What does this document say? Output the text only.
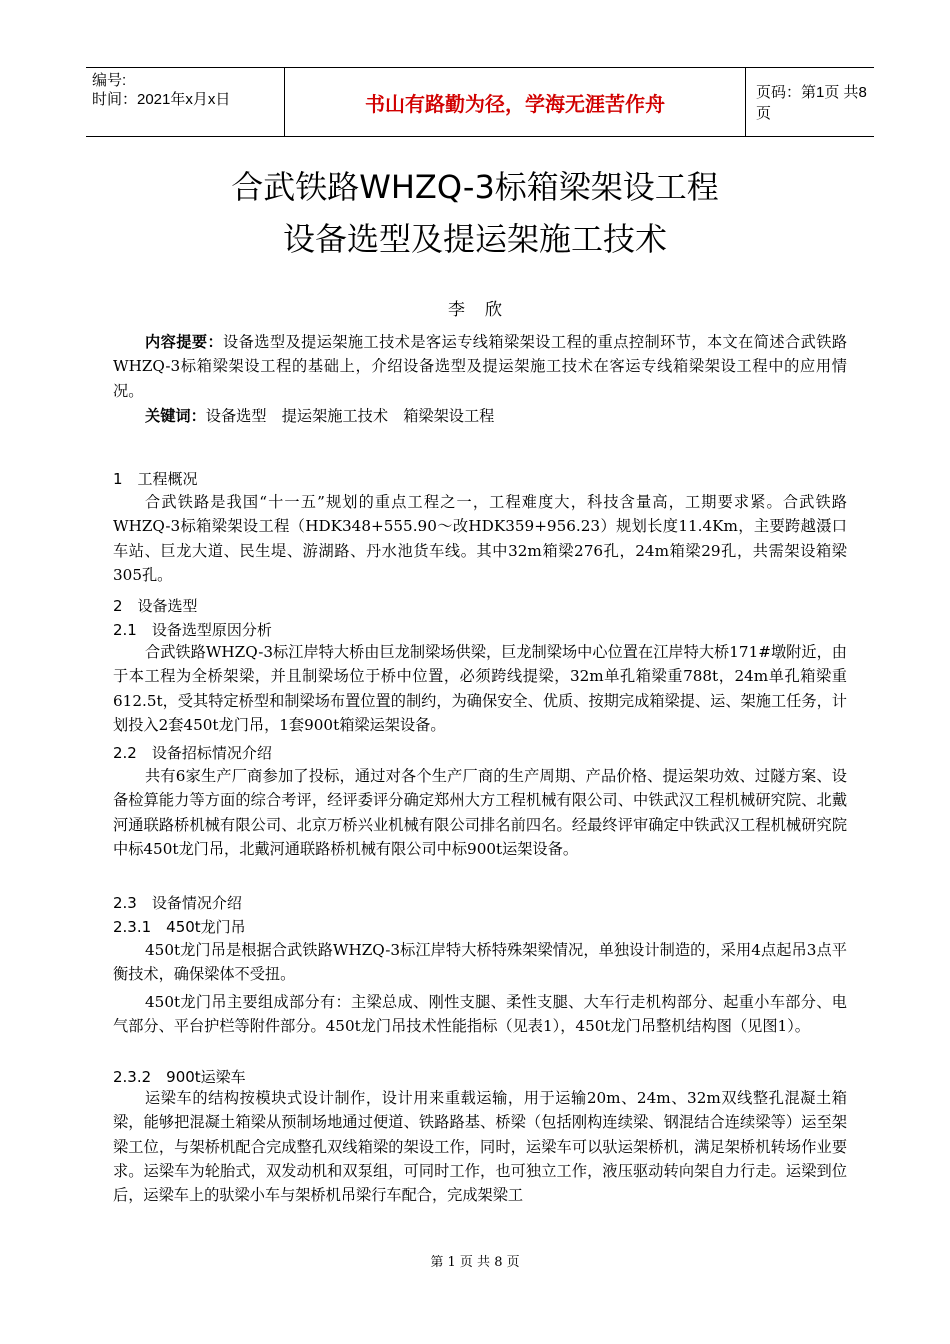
编号:
时间：2021年x月x日	书山有路勤为径，学海无涯苦作舟	页码：第1页 共8页
合武铁路WHZQ-3标箱梁架设工程
设备选型及提运架施工技术
李欣
内容提要：设备选型及提运架施工技术是客运专线箱梁架设工程的重点控制环节，本文在简述合武铁路WHZQ-3标箱梁架设工程的基础上，介绍设备选型及提运架施工技术在客运专线箱梁架设工程中的应用情况。
关键词：设备选型　提运架施工技术　箱梁架设工程
1　工程概况
合武铁路是我国“十一五”规划的重点工程之一，工程难度大，科技含量高，工期要求紧。合武铁路WHZQ-3标箱梁架设工程（HDK348+555.90～改HDK359+956.23）规划长度11.4Km，主要跨越滠口车站、巨龙大道、民生堤、游湖路、丹水池货车线。其中32m箱梁276孔，24m箱梁29孔，共需架设箱梁305孔。
2　设备选型
2.1　设备选型原因分析
合武铁路WHZQ-3标江岸特大桥由巨龙制梁场供梁，巨龙制梁场中心位置在江岸特大桥171#墩附近，由于本工程为全桥架梁，并且制梁场位于桥中位置，必须跨线提梁，32m单孔箱梁重788t，24m单孔箱梁重612.5t，受其特定桥型和制梁场布置位置的制约，为确保安全、优质、按期完成箱梁提、运、架施工任务，计划投入2套450t龙门吊，1套900t箱梁运架设备。
2.2　设备招标情况介绍
共有6家生产厂商参加了投标，通过对各个生产厂商的生产周期、产品价格、提运架功效、过隧方案、设备检算能力等方面的综合考评，经评委评分确定郑州大方工程机械有限公司、中铁武汉工程机械研究院、北戴河通联路桥机械有限公司、北京万桥兴业机械有限公司排名前四名。经最终评审确定中铁武汉工程机械研究院中标450t龙门吊，北戴河通联路桥机械有限公司中标900t运架设备。
2.3　设备情况介绍
2.3.1　450t龙门吊
450t龙门吊是根据合武铁路WHZQ-3标江岸特大桥特殊架梁情况，单独设计制造的，采用4点起吊3点平衡技术，确保梁体不受扭。
450t龙门吊主要组成部分有：主梁总成、刚性支腿、柔性支腿、大车行走机构部分、起重小车部分、电气部分、平台护栏等附件部分。450t龙门吊技术性能指标（见表1），450t龙门吊整机结构图（见图1）。
2.3.2　900t运梁车
运梁车的结构按模块式设计制作，设计用来重载运输，用于运输20m、24m、32m双线整孔混凝土箱梁，能够把混凝土箱梁从预制场地通过便道、铁路路基、桥梁（包括刚构连续梁、钢混结合连续梁等）运至架梁工位，与架桥机配合完成整孔双线箱梁的架设工作，同时，运梁车可以驮运架桥机，满足架桥机转场作业要求。运梁车为轮胎式，双发动机和双泵组，可同时工作，也可独立工作，液压驱动转向架自力行走。运梁到位后，运梁车上的驮梁小车与架桥机吊梁行车配合，完成架梁工
第 1 页 共 8 页
